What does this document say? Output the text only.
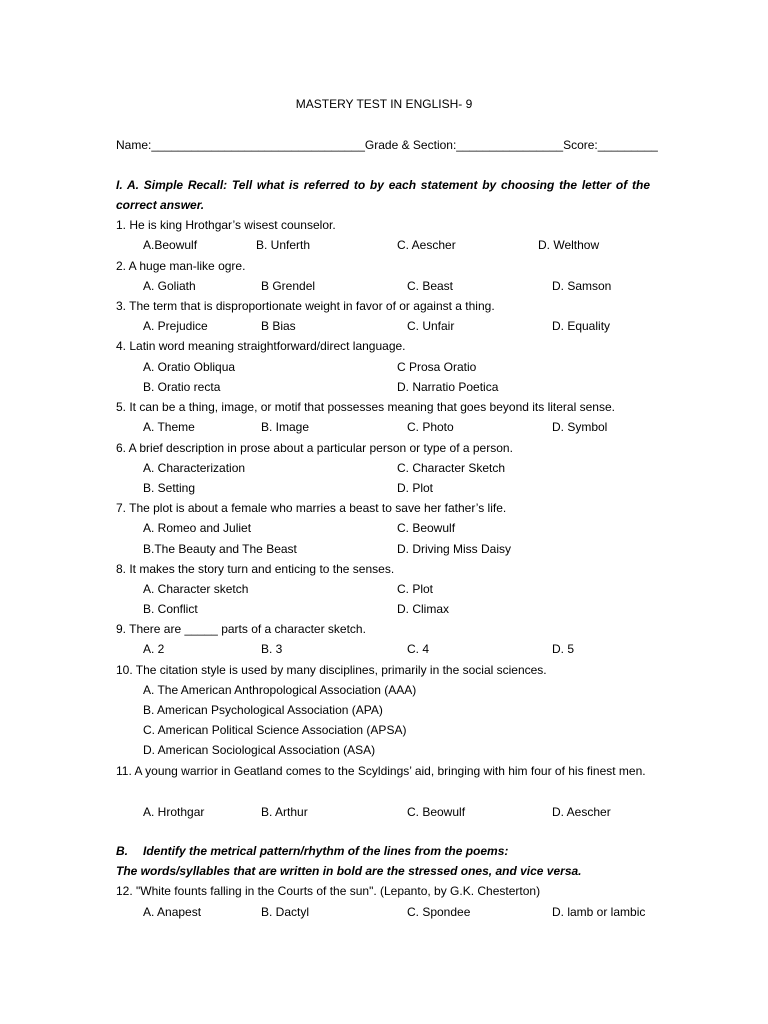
MASTERY TEST IN ENGLISH- 9
Name:________________________________Grade & Section:________________Score:_________
I. A. Simple Recall: Tell what is referred to by each statement by choosing the letter of the correct answer.
1. He is king Hrothgar’s wisest counselor.
A.Beowulf	B. Unferth	C. Aescher	D. Welthow
2. A huge man-like ogre.
A. Goliath	B Grendel	C. Beast	D. Samson
3. The term that is disproportionate weight in favor of or against a thing.
A. Prejudice	B Bias	C. Unfair	D. Equality
4. Latin word meaning straightforward/direct language.
A. Oratio Obliqua	C Prosa Oratio
B. Oratio recta	D. Narratio Poetica
5. It can be a thing, image, or motif that possesses meaning that goes beyond its literal sense.
A. Theme	B. Image	C. Photo	D. Symbol
6. A brief description in prose about a particular person or type of a person.
A. Characterization	C. Character Sketch
B. Setting	D. Plot
7. The plot is about a female who marries a beast to save her father’s life.
A. Romeo and Juliet	C. Beowulf
B.The Beauty and The Beast	D. Driving Miss Daisy
8. It makes the story turn and enticing to the senses.
A. Character sketch	C. Plot
B. Conflict	D. Climax
9. There are _____ parts of a character sketch.
A. 2	B. 3	C. 4	D. 5
10. The citation style is used by many disciplines, primarily in the social sciences.
A. The American Anthropological Association (AAA)
B. American Psychological Association (APA)
C. American Political Science Association (APSA)
D. American Sociological Association (ASA)
11. A young warrior in Geatland comes to the Scyldings’ aid, bringing with him four of his finest men.
A. Hrothgar	B. Arthur	C. Beowulf	D. Aescher
B. Identify the metrical pattern/rhythm of the lines from the poems:
The words/syllables that are written in bold are the stressed ones, and vice versa.
12. "White founts falling in the Courts of the sun". (Lepanto, by G.K. Chesterton)
A. Anapest	B. Dactyl	C. Spondee	D. lamb or lambic
